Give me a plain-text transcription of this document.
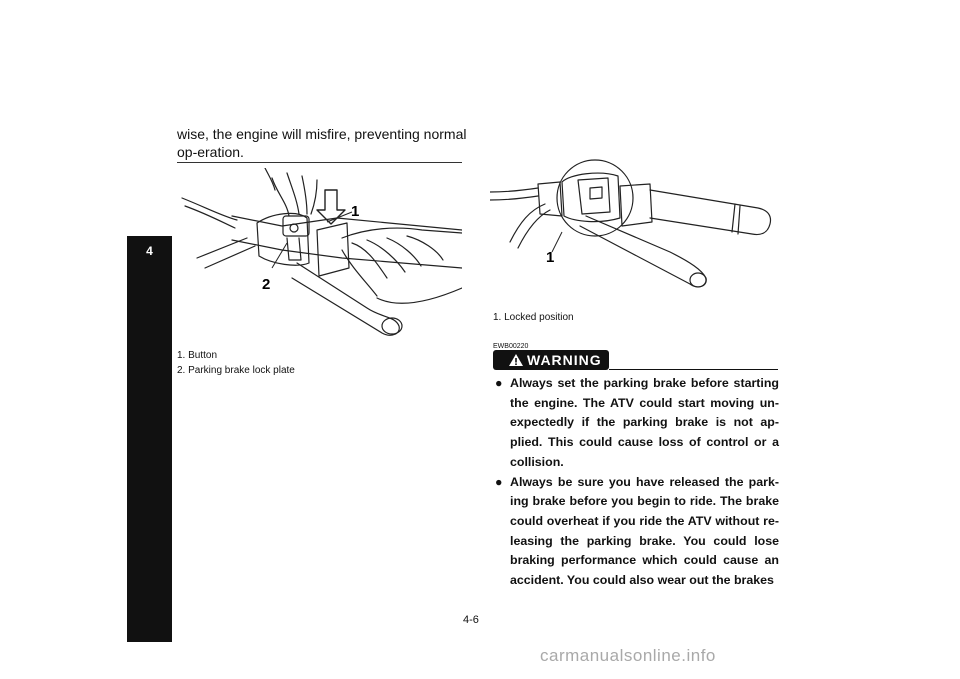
4
wise, the engine will misfire, preventing normal op-eration.
1
2
1. Button
2. Parking brake lock plate
1
1. Locked position
EWB00220
WARNING
● Always set the parking brake before starting the engine. The ATV could start moving un-expectedly if the parking brake is not ap-plied. This could cause loss of control or a collision.
● Always be sure you have released the park-ing brake before you begin to ride. The brake could overheat if you ride the ATV without re-leasing the parking brake. You could lose braking performance which could cause an accident. You could also wear out the brakes
4-6
carmanualsonline.info
